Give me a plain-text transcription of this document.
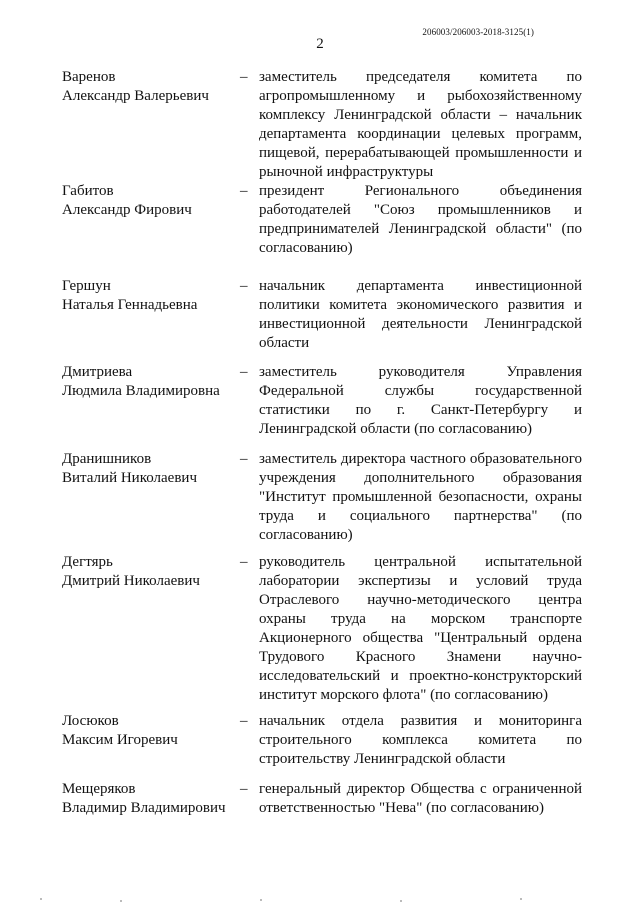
206003/206003-2018-3125(1)
2
Варенов
Александр Валерьевич
– заместитель председателя комитета по агропромышленному и рыбохозяйственному комплексу Ленинградской области – начальник департамента координации целевых программ, пищевой, перерабатывающей промышленности и рыночной инфраструктуры
Габитов
Александр Фирович
– президент Регионального объединения работодателей "Союз промышленников и предпринимателей Ленинградской области" (по согласованию)
Гершун
Наталья Геннадьевна
– начальник департамента инвестиционной политики комитета экономического развития и инвестиционной деятельности Ленинградской области
Дмитриева
Людмила Владимировна
– заместитель руководителя Управления Федеральной службы государственной статистики по г. Санкт-Петербургу и Ленинградской области (по согласованию)
Дранишников
Виталий Николаевич
– заместитель директора частного образовательного учреждения дополнительного образования "Институт промышленной безопасности, охраны труда и социального партнерства" (по согласованию)
Дегтярь
Дмитрий Николаевич
– руководитель центральной испытательной лаборатории экспертизы и условий труда Отраслевого научно-методического центра охраны труда на морском транспорте Акционерного общества "Центральный ордена Трудового Красного Знамени научно-исследовательский и проектно-конструкторский институт морского флота" (по согласованию)
Лосюков
Максим Игоревич
– начальник отдела развития и мониторинга строительного комплекса комитета по строительству Ленинградской области
Мещеряков
Владимир Владимирович
– генеральный директор Общества с ограниченной ответственностью "Нева" (по согласованию)
